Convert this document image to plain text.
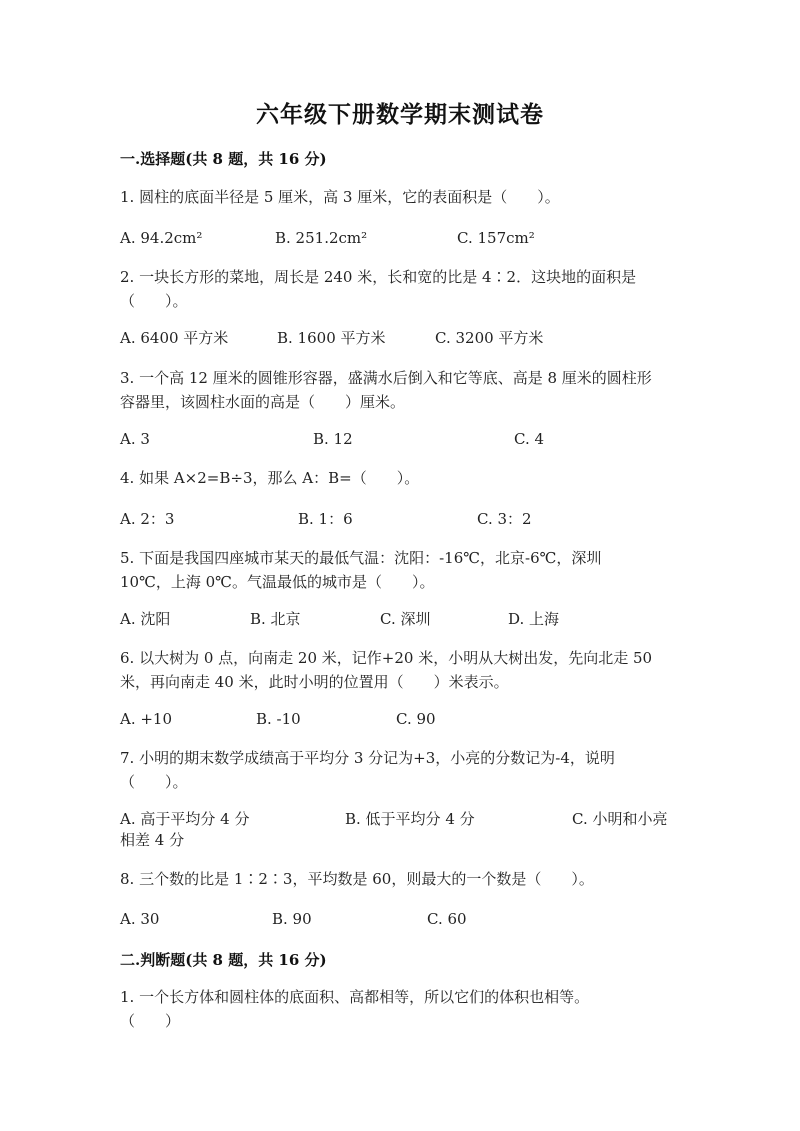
六年级下册数学期末测试卷
一.选择题(共 8 题，共 16 分)
1. 圆柱的底面半径是 5 厘米，高 3 厘米，它的表面积是（　　）。
A. 94.2cm²	B. 251.2cm²	C. 157cm²
2. 一块长方形的菜地，周长是 240 米，长和宽的比是 4∶2．这块地的面积是
（　　）。
A. 6400 平方米	B. 1600 平方米	C. 3200 平方米
3. 一个高 12 厘米的圆锥形容器，盛满水后倒入和它等底、高是 8 厘米的圆柱形
容器里，该圆柱水面的高是（　　）厘米。
A. 3	B. 12	C. 4
4. 如果 A×2=B÷3，那么 A：B=（　　）。
A. 2：3	B. 1：6	C. 3：2
5. 下面是我国四座城市某天的最低气温：沈阳：-16℃，北京-6℃，深圳
10℃，上海 0℃。气温最低的城市是（　　）。
A. 沈阳	B. 北京	C. 深圳	D. 上海
6. 以大树为 0 点，向南走 20 米，记作+20 米，小明从大树出发，先向北走 50
米，再向南走 40 米，此时小明的位置用（　　）米表示。
A. +10	B. -10	C. 90
7. 小明的期末数学成绩高于平均分 3 分记为+3，小亮的分数记为-4，说明
（　　）。
A. 高于平均分 4 分	B. 低于平均分 4 分	C. 小明和小亮
相差 4 分
8. 三个数的比是 1∶2∶3，平均数是 60，则最大的一个数是（　　）。
A. 30	B. 90	C. 60
二.判断题(共 8 题，共 16 分)
1. 一个长方体和圆柱体的底面积、高都相等，所以它们的体积也相等。
（　　）
